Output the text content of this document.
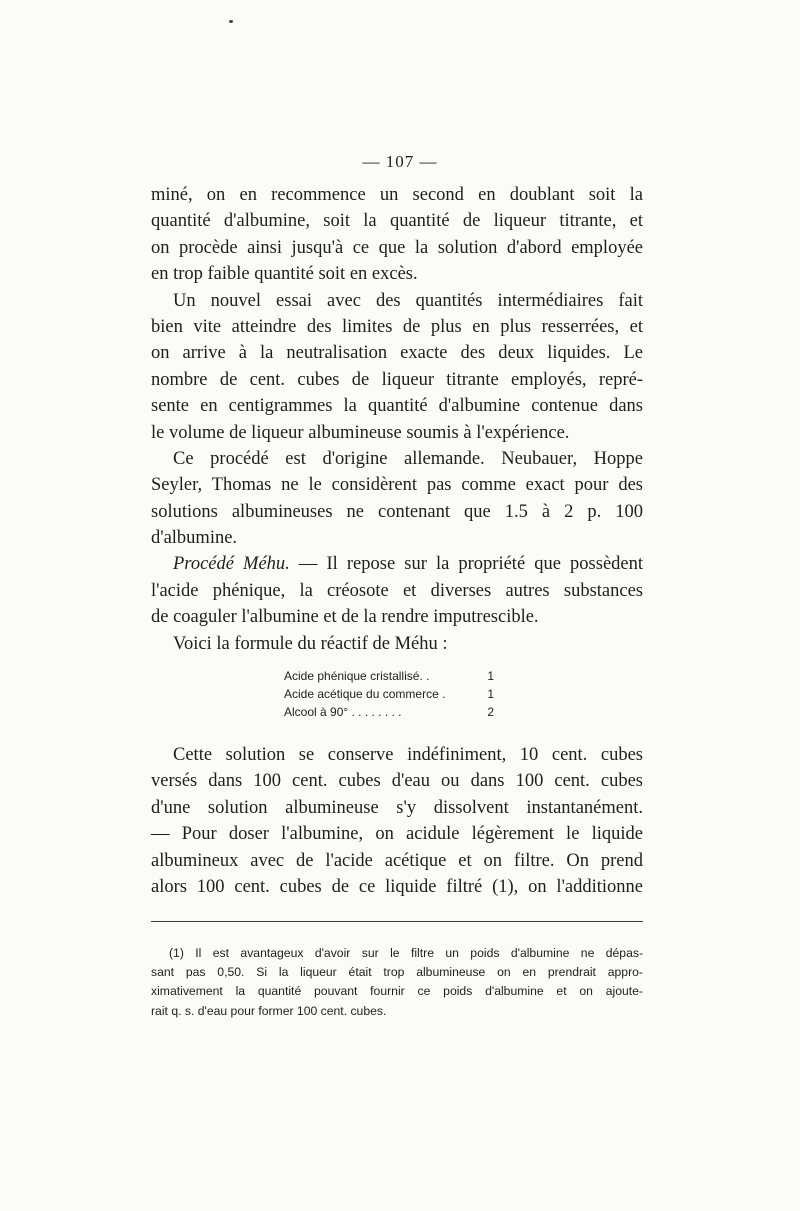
— 107 —
miné, on en recommence un second en doublant soit la
quantité d'albumine, soit la quantité de liqueur titrante, et
on procède ainsi jusqu'à ce que la solution d'abord employée
en trop faible quantité soit en excès.
Un nouvel essai avec des quantités intermédiaires fait
bien vite atteindre des limites de plus en plus resserrées, et
on arrive à la neutralisation exacte des deux liquides. Le
nombre de cent. cubes de liqueur titrante employés, repré-
sente en centigrammes la quantité d'albumine contenue dans
le volume de liqueur albumineuse soumis à l'expérience.
Ce procédé est d'origine allemande. Neubauer, Hoppe
Seyler, Thomas ne le considèrent pas comme exact pour des
solutions albumineuses ne contenant que 1.5 à 2 p. 100
d'albumine.
Procédé Méhu. — Il repose sur la propriété que possèdent
l'acide phénique, la créosote et diverses autres substances
de coaguler l'albumine et de la rendre imputrescible.
Voici la formule du réactif de Méhu :
Acide phénique cristallisé. .	1
Acide acétique du commerce .	1
Alcool à 90° . . . . . . . .	2
Cette solution se conserve indéfiniment, 10 cent. cubes
versés dans 100 cent. cubes d'eau ou dans 100 cent. cubes
d'une solution albumineuse s'y dissolvent instantanément.
— Pour doser l'albumine, on acidule légèrement le liquide
albumineux avec de l'acide acétique et on filtre. On prend
alors 100 cent. cubes de ce liquide filtré (1), on l'additionne
(1) Il est avantageux d'avoir sur le filtre un poids d'albumine ne dépas-
sant pas 0,50. Si la liqueur était trop albumineuse on en prendrait appro-
ximativement la quantité pouvant fournir ce poids d'albumine et on ajoute-
rait q. s. d'eau pour former 100 cent. cubes.
